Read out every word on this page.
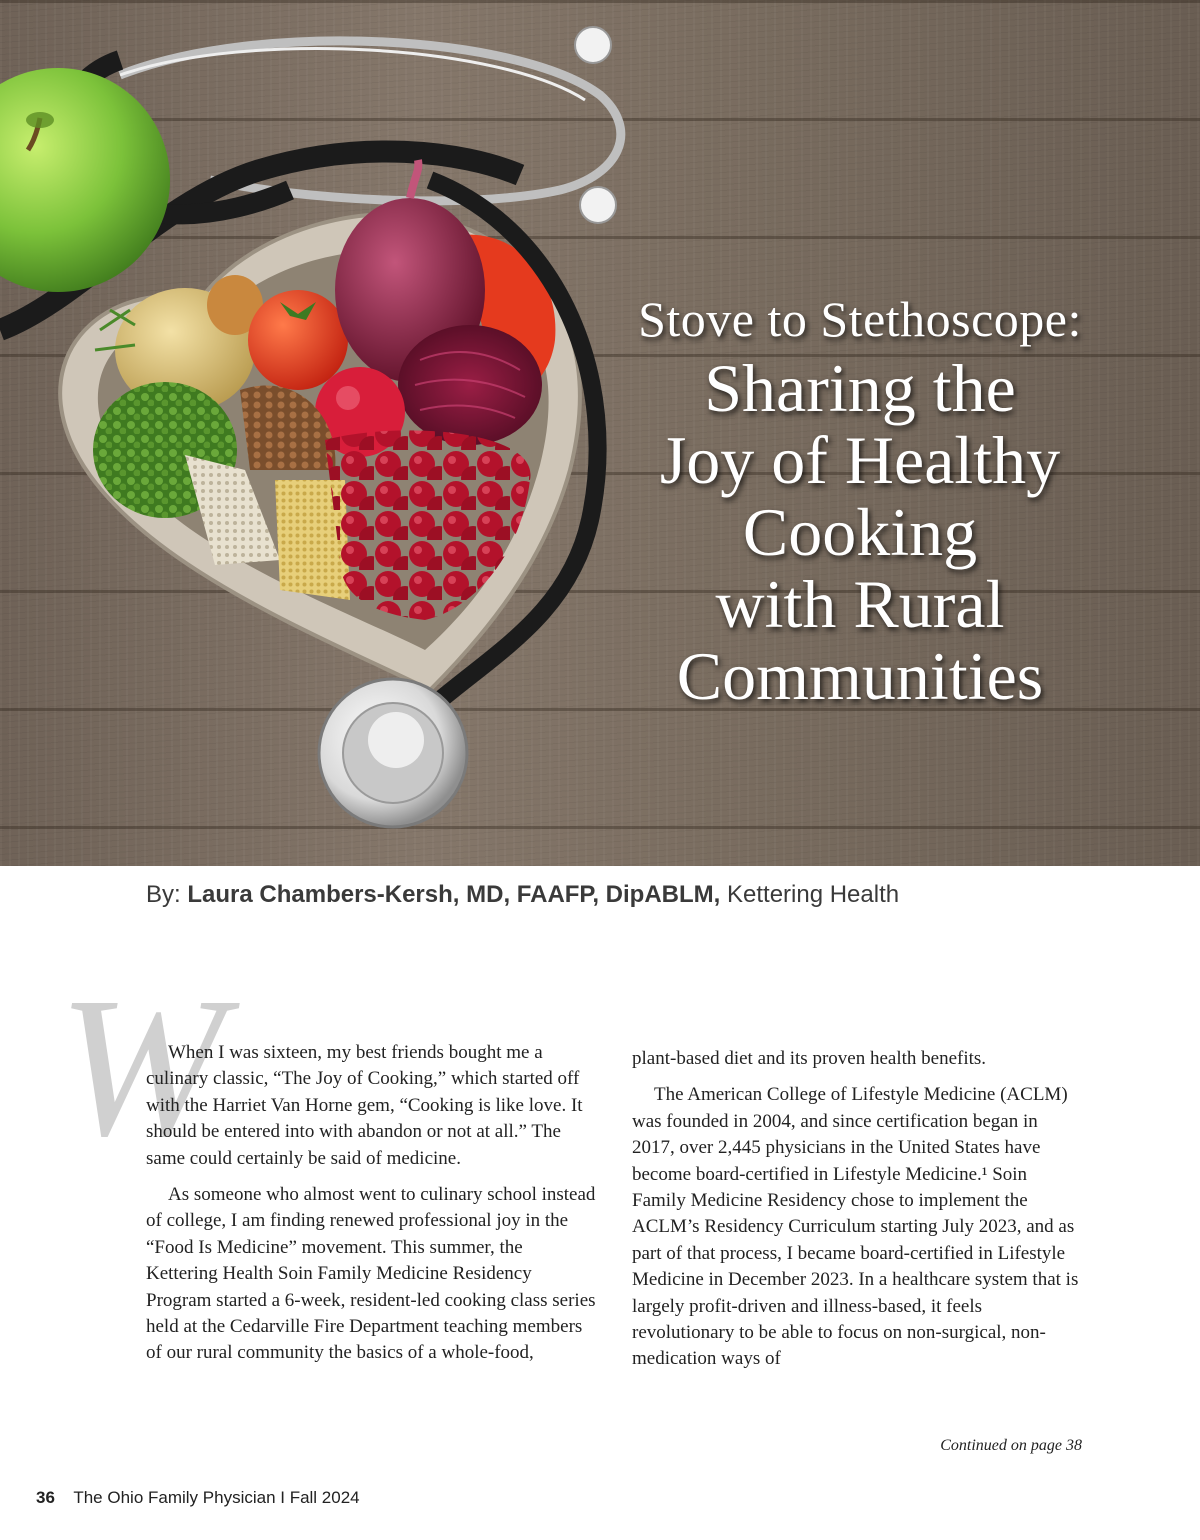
Stove to Stethoscope:
Sharing the
Joy of Healthy
Cooking
with Rural
Communities
By: Laura Chambers-Kersh, MD, FAAFP, DipABLM, Kettering Health
W

When I was sixteen, my best friends bought me a culinary classic, “The Joy of Cooking,” which started off with the Harriet Van Horne gem, “Cooking is like love. It should be entered into with abandon or not at all.” The same could certainly be said of medicine.

As someone who almost went to culinary school instead of college, I am finding renewed professional joy in the “Food Is Medicine” movement. This summer, the Kettering Health Soin Family Medicine Residency Program started a 6-week, resident-led cooking class series held at the Cedarville Fire Department teaching members of our rural community the basics of a whole-food,

plant-based diet and its proven health benefits.

The American College of Lifestyle Medicine (ACLM) was founded in 2004, and since certification began in 2017, over 2,445 physicians in the United States have become board-certified in Lifestyle Medicine.¹ Soin Family Medicine Residency chose to implement the ACLM’s Residency Curriculum starting July 2023, and as part of that process, I became board-certified in Lifestyle Medicine in December 2023. In a healthcare system that is largely profit-driven and illness-based, it feels revolutionary to be able to focus on non-surgical, non-medication ways of

Continued on page 38
36 The Ohio Family Physician I Fall 2024
